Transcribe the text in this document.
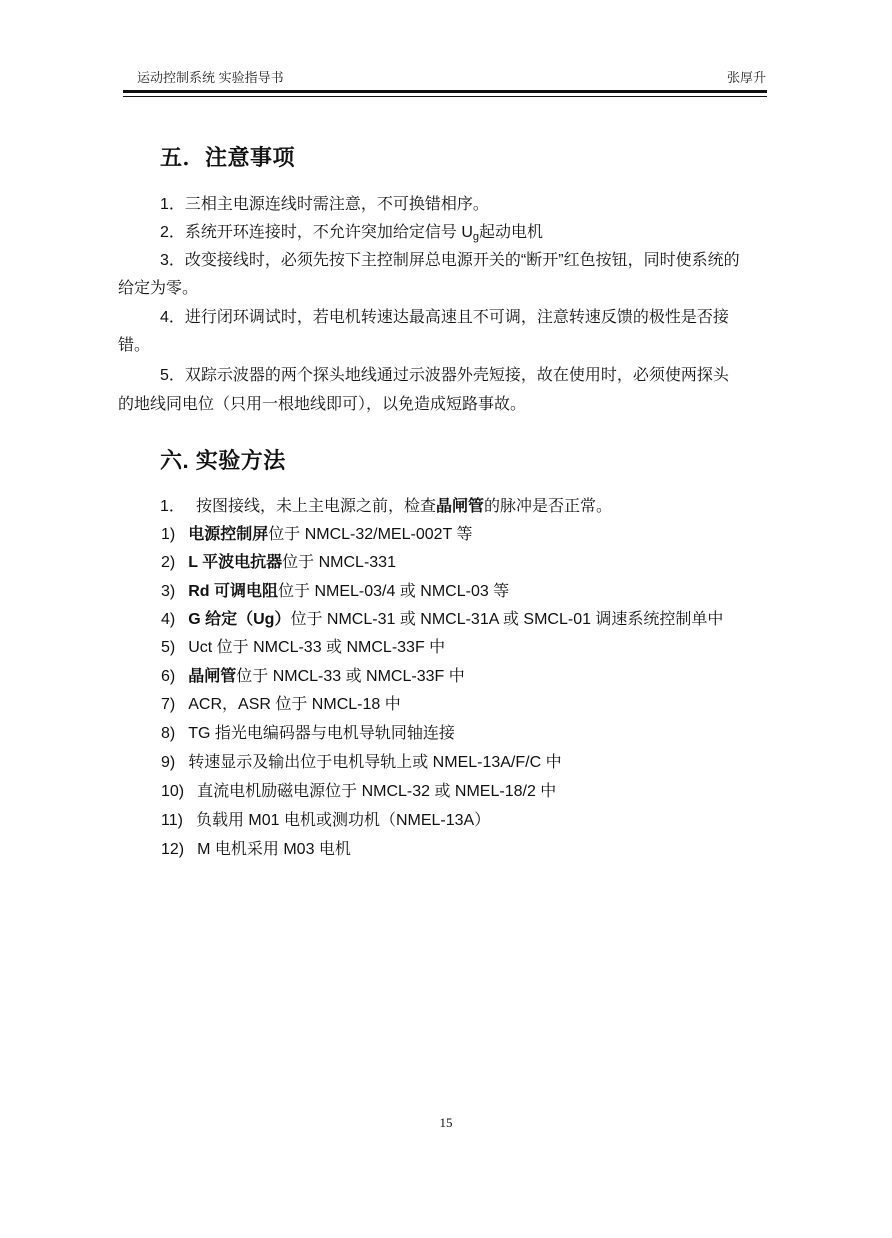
运动控制系统 实验指导书	张厚升
五．注意事项
1．三相主电源连线时需注意，不可换错相序。
2．系统开环连接时，不允许突加给定信号 $U_g$起动电机
3．改变接线时，必须先按下主控制屏总电源开关的“断开”红色按钮，同时使系统的
给定为零。
4．进行闭环调试时，若电机转速达最高速且不可调，注意转速反馈的极性是否接
错。
5．双踪示波器的两个探头地线通过示波器外壳短接，故在使用时，必须使两探头
的地线同电位（只用一根地线即可），以免造成短路事故。
六. 实验方法
1． 按图接线，未上主电源之前，检查晶闸管的脉冲是否正常。
1) 电源控制屏位于 NMCL-32/MEL-002T 等
2) L 平波电抗器位于 NMCL-331
3) Rd 可调电阻位于 NMEL-03/4 或 NMCL-03 等
4) G 给定（Ug）位于 NMCL-31 或 NMCL-31A 或 SMCL-01 调速系统控制单中
5) Uct 位于 NMCL-33 或 NMCL-33F 中
6) 晶闸管位于 NMCL-33 或 NMCL-33F 中
7) ACR，ASR 位于 NMCL-18 中
8) TG 指光电编码器与电机导轨同轴连接
9) 转速显示及输出位于电机导轨上或 NMEL-13A/F/C 中
10) 直流电机励磁电源位于 NMCL-32 或 NMEL-18/2 中
11) 负载用 M01 电机或测功机（NMEL-13A）
12) M 电机采用 M03 电机
15
